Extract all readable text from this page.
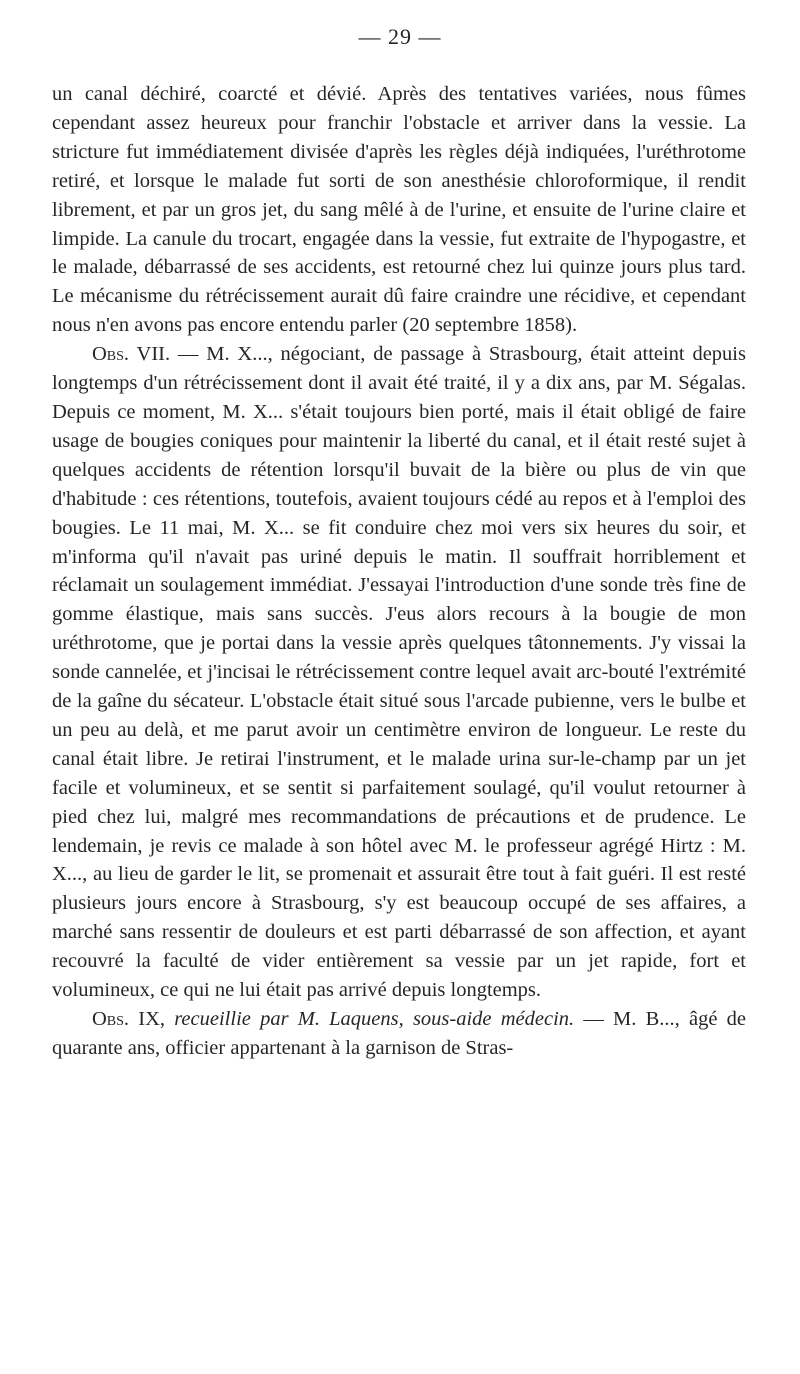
— 29 —

un canal déchiré, coarcté et dévié. Après des tentatives variées, nous fûmes cependant assez heureux pour franchir l'obstacle et arriver dans la vessie. La stricture fut immédiatement divisée d'après les règles déjà indiquées, l'uréthrotome retiré, et lorsque le malade fut sorti de son anesthésie chloroformique, il rendit librement, et par un gros jet, du sang mêlé à de l'urine, et ensuite de l'urine claire et limpide. La canule du trocart, engagée dans la vessie, fut extraite de l'hypogastre, et le malade, débarrassé de ses accidents, est retourné chez lui quinze jours plus tard. Le mécanisme du rétrécissement aurait dû faire craindre une récidive, et cependant nous n'en avons pas encore entendu parler (20 septembre 1858).

Obs. VII. — M. X..., négociant, de passage à Strasbourg, était atteint depuis longtemps d'un rétrécissement dont il avait été traité, il y a dix ans, par M. Ségalas. Depuis ce moment, M. X... s'était toujours bien porté, mais il était obligé de faire usage de bougies coniques pour maintenir la liberté du canal, et il était resté sujet à quelques accidents de rétention lorsqu'il buvait de la bière ou plus de vin que d'habitude : ces rétentions, toutefois, avaient toujours cédé au repos et à l'emploi des bougies. Le 11 mai, M. X... se fit conduire chez moi vers six heures du soir, et m'informa qu'il n'avait pas uriné depuis le matin. Il souffrait horriblement et réclamait un soulagement immédiat. J'essayai l'introduction d'une sonde très fine de gomme élastique, mais sans succès. J'eus alors recours à la bougie de mon uréthrotome, que je portai dans la vessie après quelques tâtonnements. J'y vissai la sonde cannelée, et j'incisai le rétrécissement contre lequel avait arc-bouté l'extrémité de la gaîne du sécateur. L'obstacle était situé sous l'arcade pubienne, vers le bulbe et un peu au delà, et me parut avoir un centimètre environ de longueur. Le reste du canal était libre. Je retirai l'instrument, et le malade urina sur-le-champ par un jet facile et volumineux, et se sentit si parfaitement soulagé, qu'il voulut retourner à pied chez lui, malgré mes recommandations de précautions et de prudence. Le lendemain, je revis ce malade à son hôtel avec M. le professeur agrégé Hirtz : M. X..., au lieu de garder le lit, se promenait et assurait être tout à fait guéri. Il est resté plusieurs jours encore à Strasbourg, s'y est beaucoup occupé de ses affaires, a marché sans ressentir de douleurs et est parti débarrassé de son affection, et ayant recouvré la faculté de vider entièrement sa vessie par un jet rapide, fort et volumineux, ce qui ne lui était pas arrivé depuis longtemps.

Obs. IX, recueillie par M. Laquens, sous-aide médecin. — M. B..., âgé de quarante ans, officier appartenant à la garnison de Stras-
